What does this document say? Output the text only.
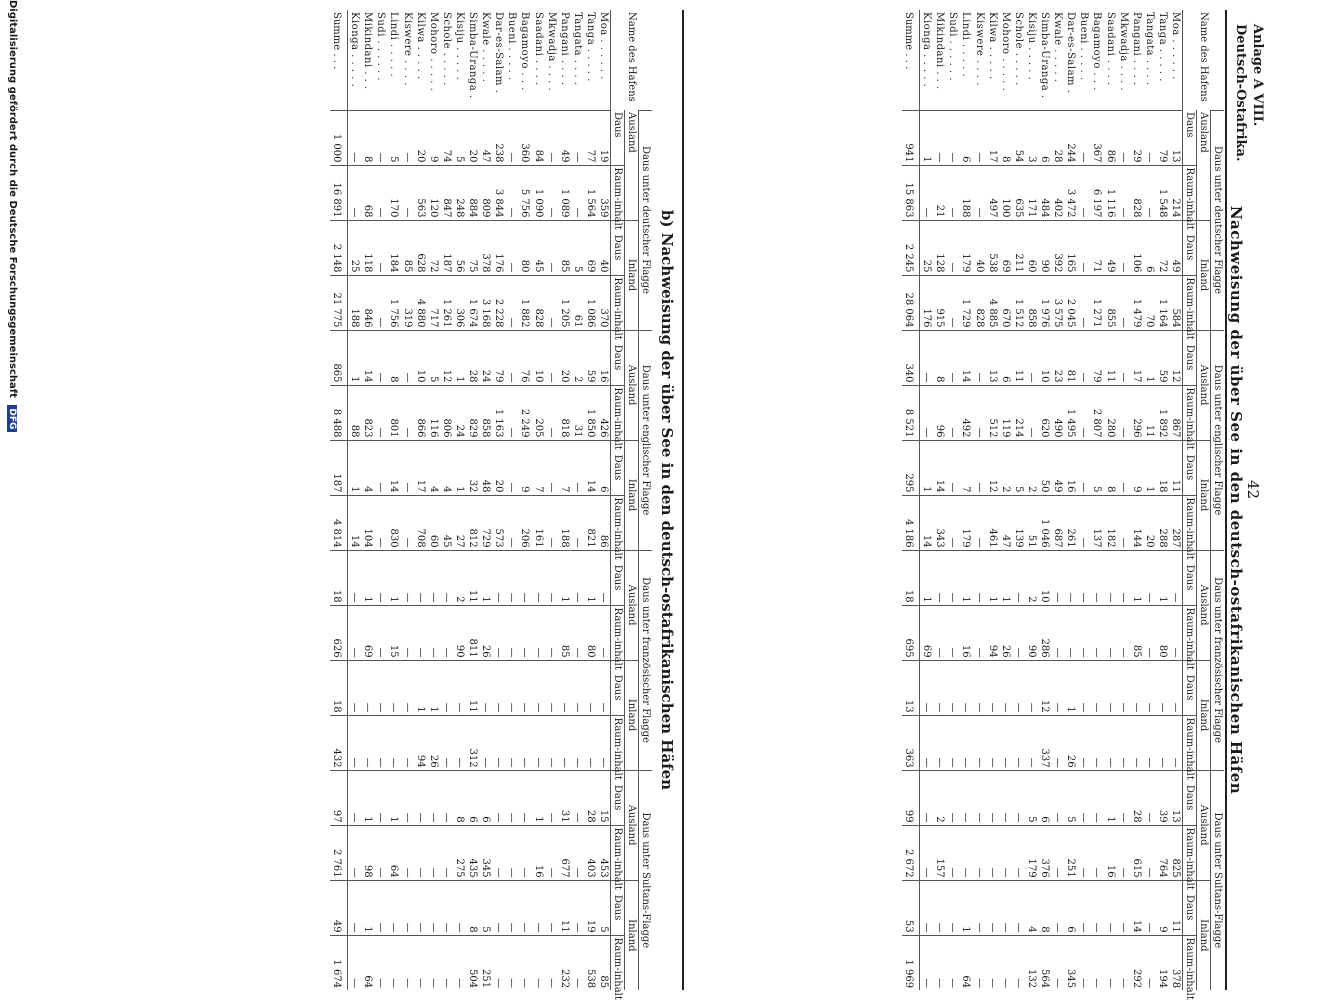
Anlage A VIII.
Deutsch-Ostafrika.
42
Nachweisung der über See in den deutsch-ostafrikanischen Häfen
Name des Hafens	Daus unter deutscher Flagge				Daus unter englischer Flagge				Daus unter französischer Flagge				Daus unter Sultans-Flagge			
	Ausland		Inland		Ausland		Inland		Ausland		Inland		Ausland		Inland	
	Daus	Raum-inhalt	Daus	Raum-inhalt	Daus	Raum-inhalt	Daus	Raum-inhalt	Daus	Raum-inhalt	Daus	Raum-inhalt	Daus	Raum-inhalt	Daus	Raum-inhalt
Moa . . . . . .	13	214	49	584	12	867	11	287	—	—	—	—	13	825	11	378
Tanga . . . . .	79	1 548	72	1 164	59	1 892	18	288	1	80	—	—	39	764	9	194
Tangata . . . .	—	—	6	70	1	11	1	20	—	—	—	—	—	—	—	—
Pangani . . . .	29	828	106	1 479	17	296	9	144	1	85	—	—	28	615	14	292
Mkwadja . . . .	—	—	—	—	—	—	—	—	—	—	—	—	—	—	—	—
Saadani . . . .	86	1 116	49	855	11	280	8	182	—	—	—	—	1	16	—	—
Bagamoyo . . .	367	6 197	71	1 271	79	2 807	5	137	—	—	—	—	—	—	—	—
Bueni . . . . .	—	—	—	—	—	—	—	—	—	—	—	—	—	—	—	—
Dar-es-Salam .	244	3 472	165	2 045	81	1 495	16	261	—	—	1	26	5	251	6	345
Kwale . . . . .	28	402	392	3 575	23	490	49	687	—	—	—	—	—	—	—	—
Simba-Uranga .	6	484	90	1 976	10	620	50	1 046	10	286	12	337	6	376	8	564
Kisiju . . . . .	3	171	60	858	—	—	2	51	2	90	—	—	5	179	4	132
Schole . . . . .	54	635	211	1 512	11	214	5	139	—	—	—	—	—	—	—	—
Mohoro . . . . .	8	100	69	670	6	119	2	47	1	26	—	—	—	—	—	—
Kilwa . . . . .	17	497	538	4 885	13	512	12	461	1	94	—	—	—	—	—	—
Kiswere . . . .	—	—	40	828	—	—	—	—	—	—	—	—	—	—	—	—
Lindi . . . . .	6	188	179	1 729	14	492	7	179	1	16	—	—	—	—	1	64
Sudi . . . . . .	—	—	—	—	—	—	—	—	—	—	—	—	—	—	—	—
Mikindani . . .	—	21	128	915	8	96	14	343	—	—	—	—	2	157	—	—
Kionga . . . . .	1	—	25	176	—	—	1	14	1	69	—	—	—	—	—	—
Summe . . .	941	15 863	2 245	28 064	340	8 521	295	4 186	18	695	13	363	99	2 672	53	1 969
b) Nachweisung der über See in den deutsch-ostafrikanischen Häfen
Name des Hafens	Daus unter deutscher Flagge				Daus unter englischer Flagge				Daus unter französischer Flagge				Daus unter Sultans-Flagge			
	Ausland		Inland		Ausland		Inland		Ausland		Inland		Ausland		Inland	
	Daus	Raum-inhalt	Daus	Raum-inhalt	Daus	Raum-inhalt	Daus	Raum-inhalt	Daus	Raum-inhalt	Daus	Raum-inhalt	Daus	Raum-inhalt	Daus	Raum-inhalt
Moa . . . . . .	19	359	40	370	16	426	6	86	—	—	—	—	15	453	5	85
Tanga . . . . .	77	1 564	69	1 086	59	1 850	14	821	1	80	—	—	28	403	19	538
Tangata . . . .	—	—	5	61	2	31	—	—	—	—	—	—	—	—	—	—
Pangani . . . .	49	1 089	85	1 205	20	818	7	188	1	85	—	—	31	677	11	232
Mkwadja . . . .	—	—	—	—	—	—	—	—	—	—	—	—	—	—	—	—
Saadani . . . .	84	1 090	45	828	10	205	7	161	—	—	—	—	1	16	—	—
Bagamoyo . . .	360	5 756	80	1 882	76	2 249	9	206	—	—	—	—	—	—	—	—
Bueni . . . . .	—	—	—	—	—	—	—	—	—	—	—	—	—	—	—	—
Dar-es-Salam .	238	3 844	176	2 228	79	1 163	20	573	—	—	—	—	—	—	—	—
Kwale . . . . .	47	809	378	3 168	24	858	48	729	1	26	—	—	6	345	5	251
Simba-Uranga .	20	884	75	1 674	28	829	32	812	11	811	11	312	6	435	8	504
Kisiju . . . . .	5	248	56	306	1	24	1	27	2	90	—	—	8	275	—	—
Schole . . . . .	74	847	187	1 261	12	806	4	45	—	—	—	—	—	—	—	—
Mohoro . . . . .	9	120	72	717	5	116	4	60	—	—	1	26	—	—	—	—
Kilwa . . . . .	20	563	628	4 880	10	866	17	708	—	—	1	94	—	—	—	—
Kiswere . . . .	—	—	85	319	—	—	—	—	—	—	—	—	—	—	—	—
Lindi . . . . .	5	170	184	1 756	8	801	14	830	1	15	—	—	1	64	—	—
Sudi . . . . . .	—	—	—	—	—	—	—	—	—	—	—	—	—	—	—	—
Mikindani . . .	8	68	118	846	14	823	4	104	1	69	—	—	1	98	1	64
Kionga . . . . .	—	—	25	188	1	88	1	14	—	—	—	—	—	—	—	—
Summe . . .	1 000	16 891	2 148	21 775	865	8 488	187	4 814	18	626	18	432	97	2 761	49	1 674
Digitalisierung gefördert durch die Deutsche Forschungsgemeinschaft DFG
